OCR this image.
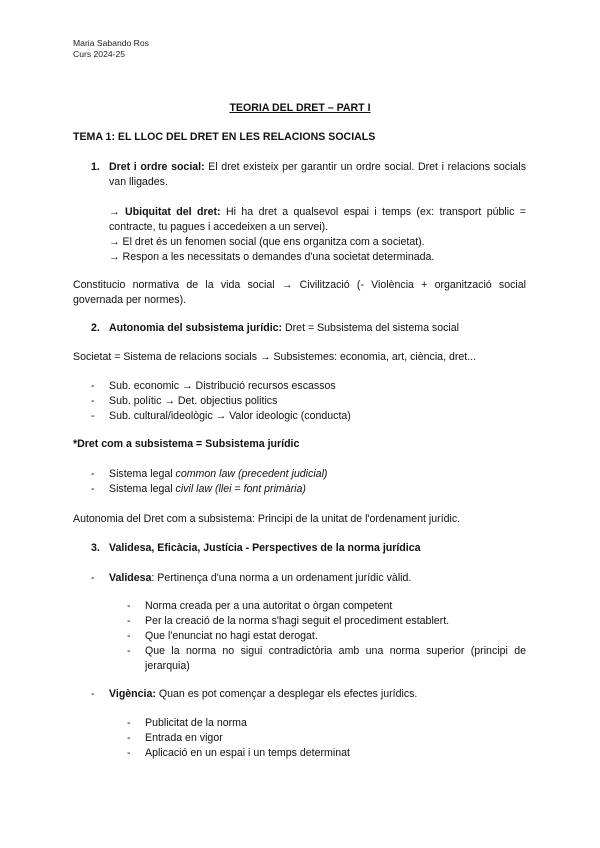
Maria Sabando Ros
Curs 2024-25
TEORIA DEL DRET – PART I
TEMA 1: EL LLOC DEL DRET EN LES RELACIONS SOCIALS
1. Dret i ordre social: El dret existeix per garantir un ordre social. Dret i relacions socials van lligades.
→ Ubiquitat del dret: Hi ha dret a qualsevol espai i temps (ex: transport públic = contracte, tu pagues i accedeixen a un servei).
→ El dret és un fenomen social (que ens organitza com a societat).
→ Respon a les necessitats o demandes d'una societat determinada.
Constitucio normativa de la vida social → Civilització (- Violència + organització social governada per normes).
2. Autonomia del subsistema jurídic: Dret = Subsistema del sistema social
Societat = Sistema de relacions socials → Subsistemes: economia, art, ciència, dret...
-	Sub. economic → Distribució recursos escassos
-	Sub. polític → Det. objectius politics
-	Sub. cultural/ideològic → Valor ideologic (conducta)
*Dret com a subsistema = Subsistema jurídic
-	Sistema legal common law (precedent judicial)
-	Sistema legal civil law (llei = font primària)
Autonomia del Dret com a subsistema: Principi de la unitat de l'ordenament jurídic.
3. Validesa, Eficàcia, Justícia - Perspectives de la norma jurídica
-	Validesa: Pertinença d'una norma a un ordenament jurídic vàlid.
-	Norma creada per a una autoritat o òrgan competent
-	Per la creació de la norma s'hagi seguit el procediment establert.
-	Que l'enunciat no hagi estat derogat.
-	Que la norma no sigui contradictòria amb una norma superior (principi de jerarquia)
-	Vigència: Quan es pot començar a desplegar els efectes jurídics.
-	Publicitat de la norma
-	Entrada en vigor
-	Aplicació en un espai i un temps determinat
